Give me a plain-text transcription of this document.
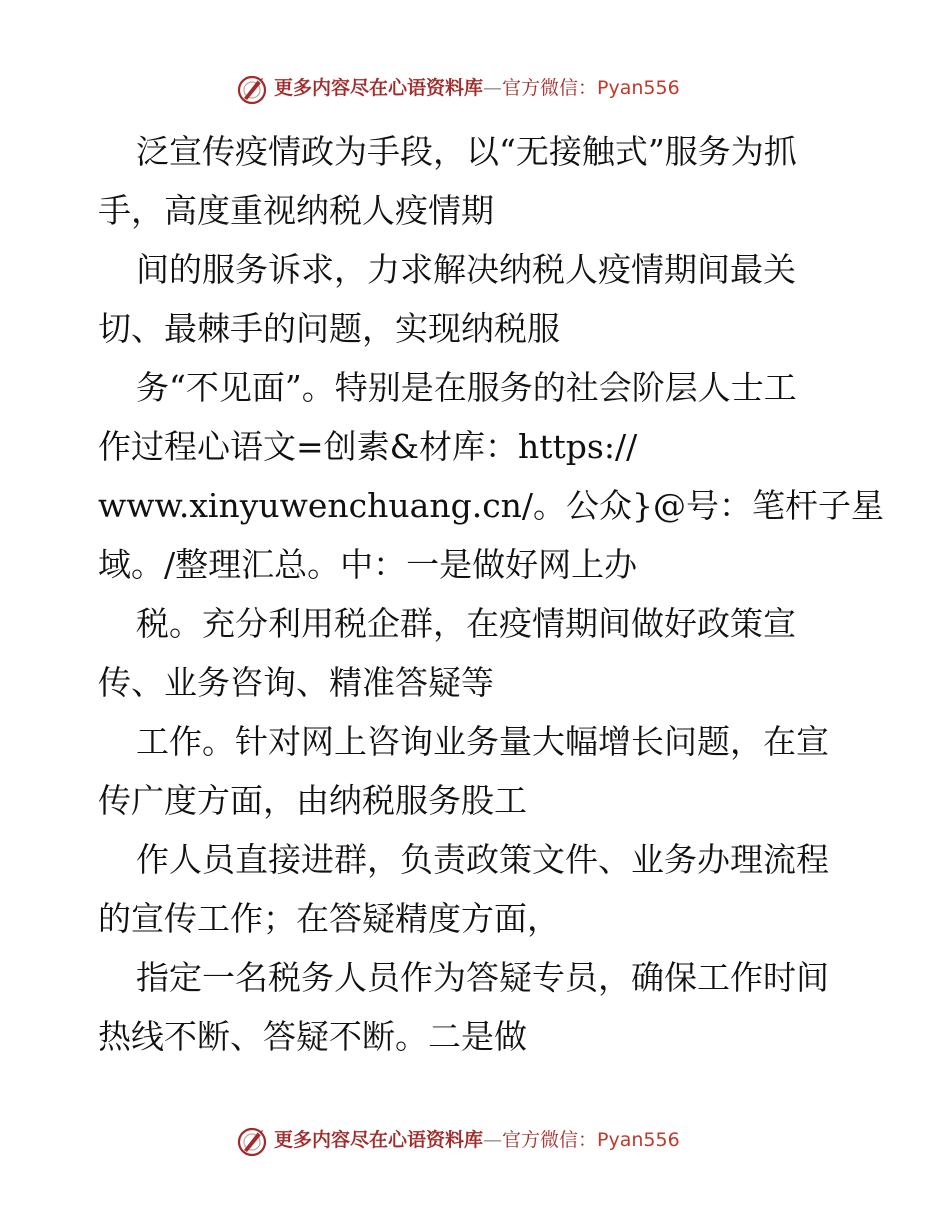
更多内容尽在心语资料库—官方微信：Pyan556
泛宣传疫情政为手段，以“无接触式”服务为抓
手，高度重视纳税人疫情期
间的服务诉求，力求解决纳税人疫情期间最关
切、最棘手的问题，实现纳税服
务“不见面”。特别是在服务的社会阶层人士工
作过程心语文=创素&材库：https://
www.xinyuwenchuang.cn/。公众}@号：笔杆子星
域。/整理汇总。中：一是做好网上办
税。充分利用税企群，在疫情期间做好政策宣
传、业务咨询、精准答疑等
工作。针对网上咨询业务量大幅增长问题，在宣
传广度方面，由纳税服务股工
作人员直接进群，负责政策文件、业务办理流程
的宣传工作；在答疑精度方面，
指定一名税务人员作为答疑专员，确保工作时间
热线不断、答疑不断。二是做
更多内容尽在心语资料库—官方微信：Pyan556
